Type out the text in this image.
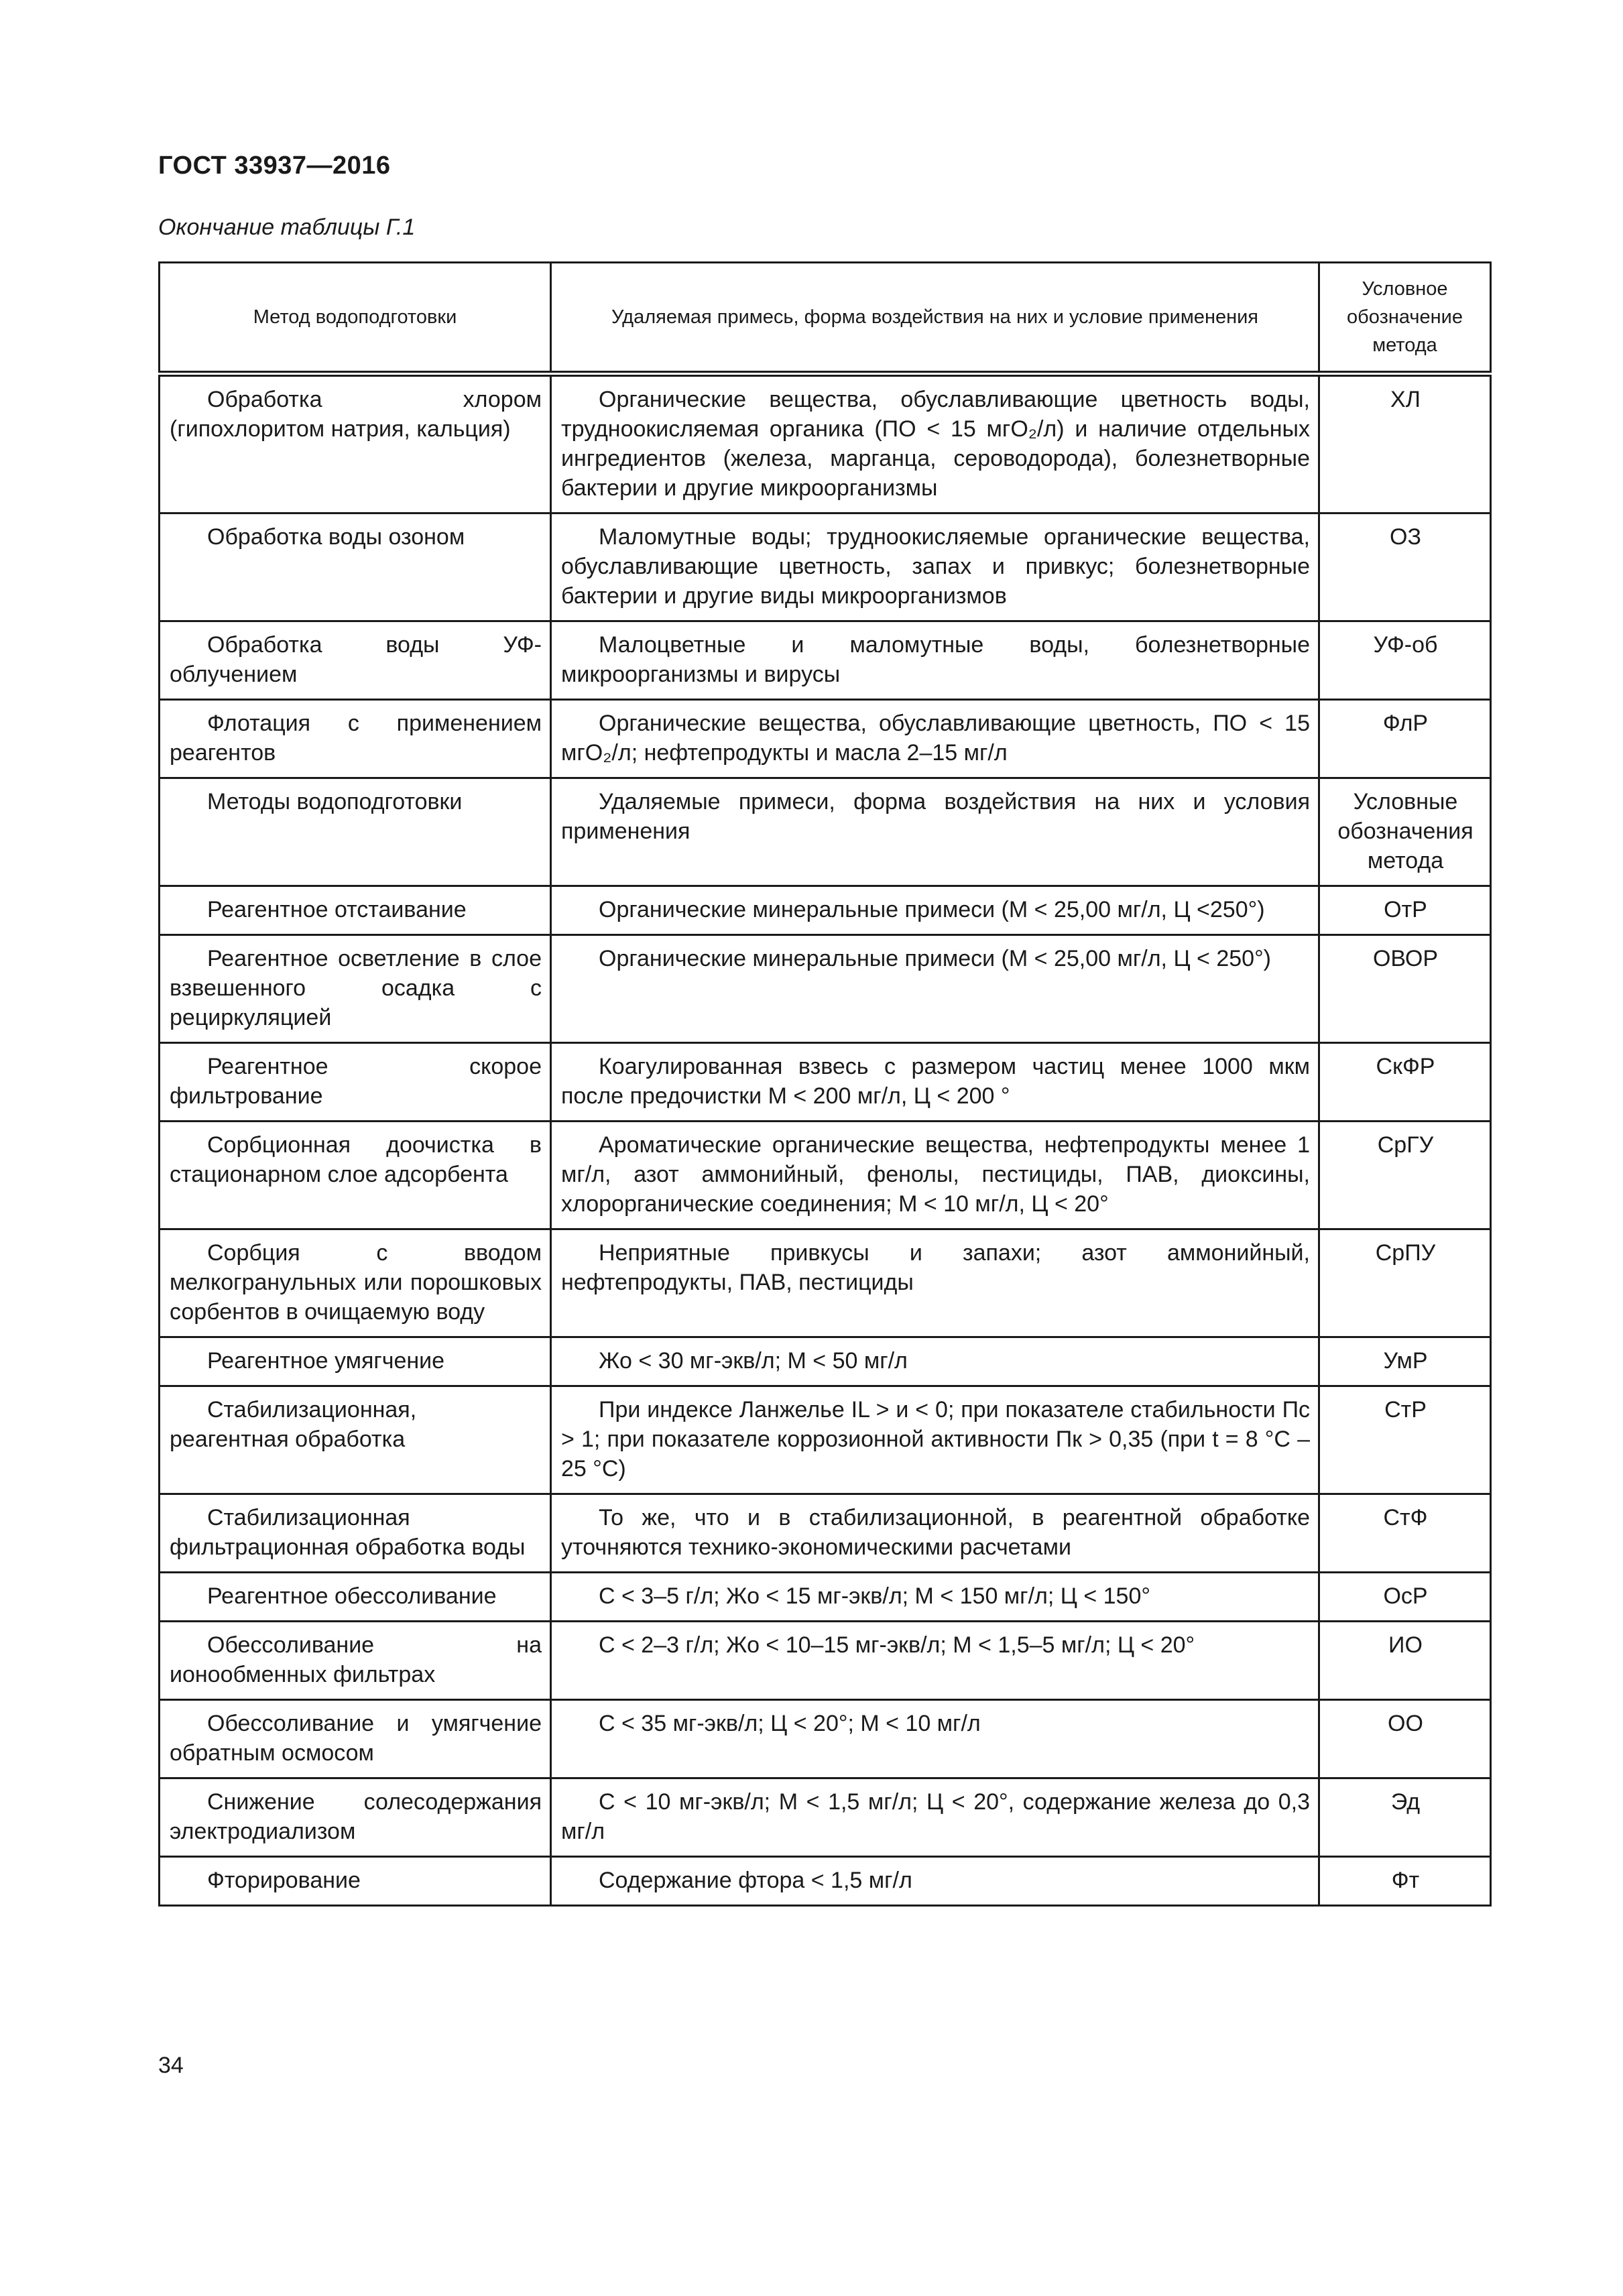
ГОСТ 33937—2016
Окончание таблицы Г.1
Метод водоподготовки	Удаляемая примесь, форма воздействия на них и условие применения	Условное обозначение метода
Обработка хлором (гипохлоритом натрия, кальция)	Органические вещества, обуславливающие цветность воды, трудноокисляемая органика (ПО < 15 мгO₂/л) и наличие отдельных ингредиентов (железа, марганца, сероводорода), болезнетворные бактерии и другие микроорганизмы	ХЛ
Обработка воды озоном	Маломутные воды; трудноокисляемые органические вещества, обуславливающие цветность, запах и привкус; болезнетворные бактерии и другие виды микроорганизмов	ОЗ
Обработка воды УФ-облучением	Малоцветные и маломутные воды, болезнетворные микроорганизмы и вирусы	УФ-об
Флотация с применением реагентов	Органические вещества, обуславливающие цветность, ПО < 15 мгО₂/л; нефтепродукты и масла 2–15 мг/л	ФлР
Методы водоподготовки	Удаляемые примеси, форма воздействия на них и условия применения	Условные обозначения метода
Реагентное отстаивание	Органические минеральные примеси (М < 25,00 мг/л, Ц <250°)	ОтР
Реагентное осветление в слое взвешенного осадка с рециркуляцией	Органические минеральные примеси (М < 25,00 мг/л, Ц < 250°)	ОВОР
Реагентное скорое фильтрование	Коагулированная взвесь с размером частиц менее 1000 мкм после предочистки М < 200 мг/л, Ц < 200 °	СкФР
Сорбционная доочистка в стационарном слое адсорбента	Ароматические органические вещества, нефтепродукты менее 1 мг/л, азот аммонийный, фенолы, пестициды, ПАВ, диоксины, хлорорганические соединения; М < 10 мг/л, Ц < 20°	СрГУ
Сорбция с вводом мелкогранульных или порошковых сорбентов в очищаемую воду	Неприятные привкусы и запахи; азот аммонийный, нефтепродукты, ПАВ, пестициды	СрПУ
Реагентное умягчение	Жо < 30 мг-экв/л; М < 50 мг/л	УмР
Стабилизационная, реагентная обработка	При индексе Ланжелье IL > и < 0; при показателе стабильности Пс > 1; при показателе коррозионной активности Пк > 0,35 (при t = 8 °С – 25 °С)	СтР
Стабилизационная фильтрационная обработка воды	То же, что и в стабилизационной, в реагентной обработке уточняются технико-экономическими расчетами	СтФ
Реагентное обессоливание	С < 3–5 г/л; Жо < 15 мг-экв/л; М < 150 мг/л; Ц < 150°	ОсР
Обессоливание на ионообменных фильтрах	С < 2–3 г/л; Жо < 10–15 мг-экв/л; М < 1,5–5 мг/л; Ц < 20°	ИО
Обессоливание и умягчение обратным осмосом	С < 35 мг-экв/л; Ц < 20°; М < 10 мг/л	ОО
Снижение солесодержания электродиализом	С < 10 мг-экв/л; М < 1,5 мг/л; Ц < 20°, содержание железа до 0,3 мг/л	Эд
Фторирование	Содержание фтора < 1,5 мг/л	Фт
34
